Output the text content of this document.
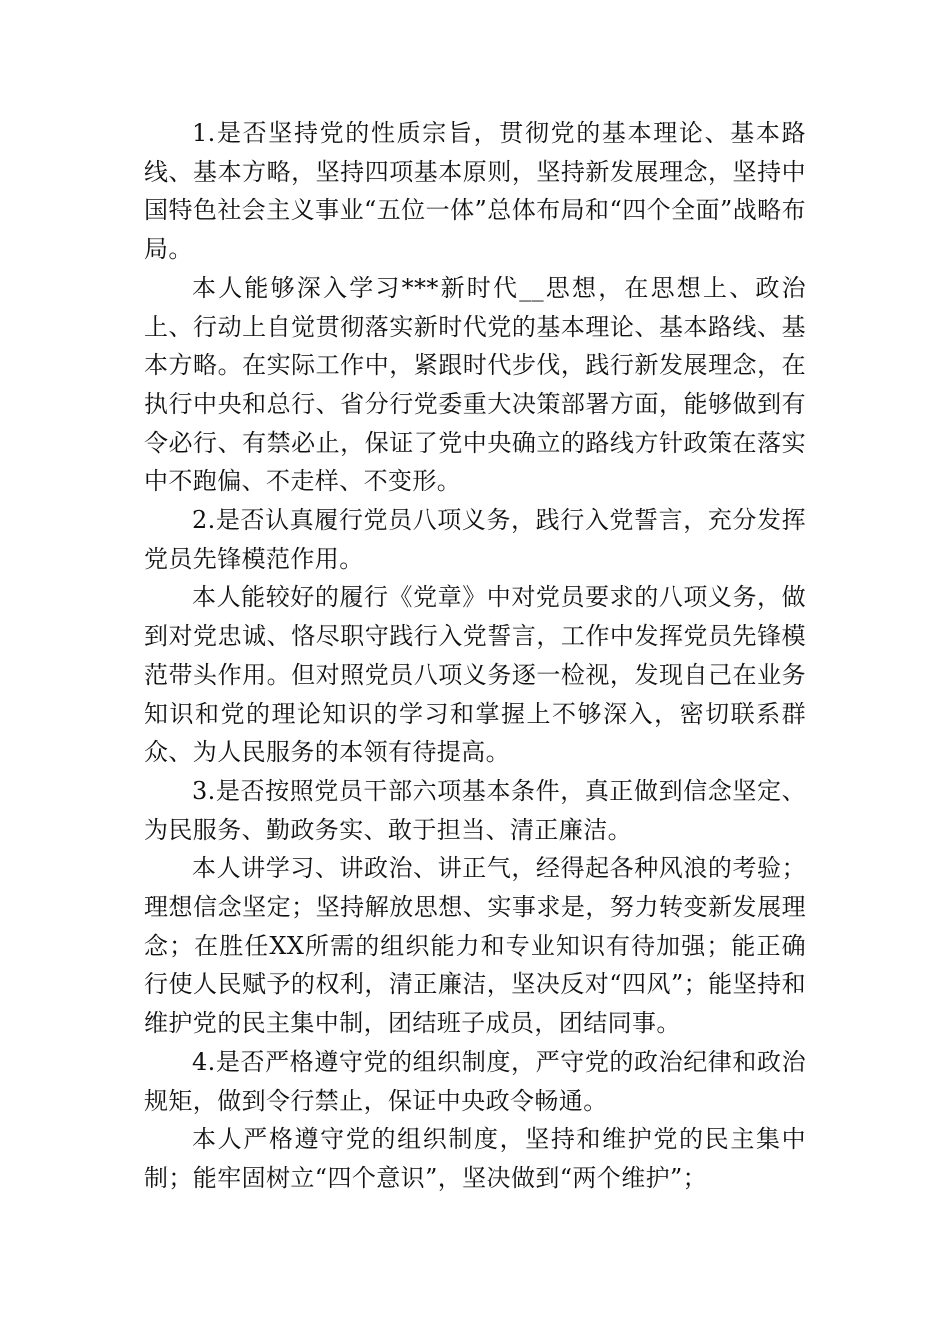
1.是否坚持党的性质宗旨，贯彻党的基本理论、基本路线、基本方略，坚持四项基本原则，坚持新发展理念，坚持中国特色社会主义事业“五位一体”总体布局和“四个全面”战略布局。

本人能够深入学习***新时代__思想，在思想上、政治上、行动上自觉贯彻落实新时代党的基本理论、基本路线、基本方略。在实际工作中，紧跟时代步伐，践行新发展理念，在执行中央和总行、省分行党委重大决策部署方面，能够做到有令必行、有禁必止，保证了党中央确立的路线方针政策在落实中不跑偏、不走样、不变形。

2.是否认真履行党员八项义务，践行入党誓言，充分发挥党员先锋模范作用。

本人能较好的履行《党章》中对党员要求的八项义务，做到对党忠诚、恪尽职守践行入党誓言，工作中发挥党员先锋模范带头作用。但对照党员八项义务逐一检视，发现自己在业务知识和党的理论知识的学习和掌握上不够深入，密切联系群众、为人民服务的本领有待提高。

3.是否按照党员干部六项基本条件，真正做到信念坚定、为民服务、勤政务实、敢于担当、清正廉洁。

本人讲学习、讲政治、讲正气，经得起各种风浪的考验；理想信念坚定；坚持解放思想、实事求是，努力转变新发展理念；在胜任XX所需的组织能力和专业知识有待加强；能正确行使人民赋予的权利，清正廉洁，坚决反对“四风”；能坚持和维护党的民主集中制，团结班子成员，团结同事。

4.是否严格遵守党的组织制度，严守党的政治纪律和政治规矩，做到令行禁止，保证中央政令畅通。

本人严格遵守党的组织制度，坚持和维护党的民主集中制；能牢固树立“四个意识”，坚决做到“两个维护”；
